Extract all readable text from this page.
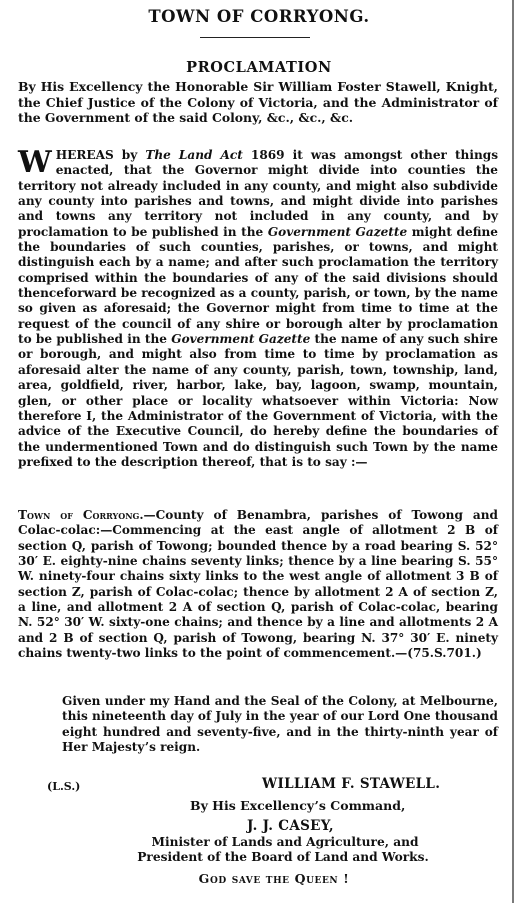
TOWN OF CORRYONG.
PROCLAMATION
By His Excellency the Honorable Sir William Foster Stawell, Knight, the Chief Justice of the Colony of Victoria, and the Administrator of the Government of the said Colony, &c., &c., &c.
WHEREAS by The Land Act 1869 it was amongst other things enacted, that the Governor might divide into counties the territory not already included in any county, and might also subdivide any county into parishes and towns, and might divide into parishes and towns any territory not included in any county, and by proclamation to be published in the Government Gazette might define the boundaries of such counties, parishes, or towns, and might distinguish each by a name; and after such proclamation the territory comprised within the boundaries of any of the said divisions should thenceforward be recognized as a county, parish, or town, by the name so given as aforesaid; the Governor might from time to time at the request of the council of any shire or borough alter by proclamation to be published in the Government Gazette the name of any such shire or borough, and might also from time to time by proclamation as aforesaid alter the name of any county, parish, town, township, land, area, goldfield, river, harbor, lake, bay, lagoon, swamp, mountain, glen, or other place or locality whatsoever within Victoria: Now therefore I, the Administrator of the Government of Victoria, with the advice of the Executive Council, do hereby define the boundaries of the undermentioned Town and do distinguish such Town by the name prefixed to the description thereof, that is to say :—
Town of Corryong.—County of Benambra, parishes of Towong and Colac-colac:—Commencing at the east angle of allotment 2 B of section Q, parish of Towong; bounded thence by a road bearing S. 52° 30′ E. eighty-nine chains seventy links; thence by a line bearing S. 55° W. ninety-four chains sixty links to the west angle of allotment 3 B of section Z, parish of Colac-colac; thence by allotment 2 A of section Z, a line, and allotment 2 A of section Q, parish of Colac-colac, bearing N. 52° 30′ W. sixty-one chains; and thence by a line and allotments 2 A and 2 B of section Q, parish of Towong, bearing N. 37° 30′ E. ninety chains twenty-two links to the point of commencement.—(75.S.701.)
Given under my Hand and the Seal of the Colony, at Melbourne, this nineteenth day of July in the year of our Lord One thousand eight hundred and seventy-five, and in the thirty-ninth year of Her Majesty’s reign.
(L.S.)	WILLIAM F. STAWELL.
By His Excellency’s Command,
J. J. CASEY,
Minister of Lands and Agriculture, and
President of the Board of Land and Works.
God save the Queen !
